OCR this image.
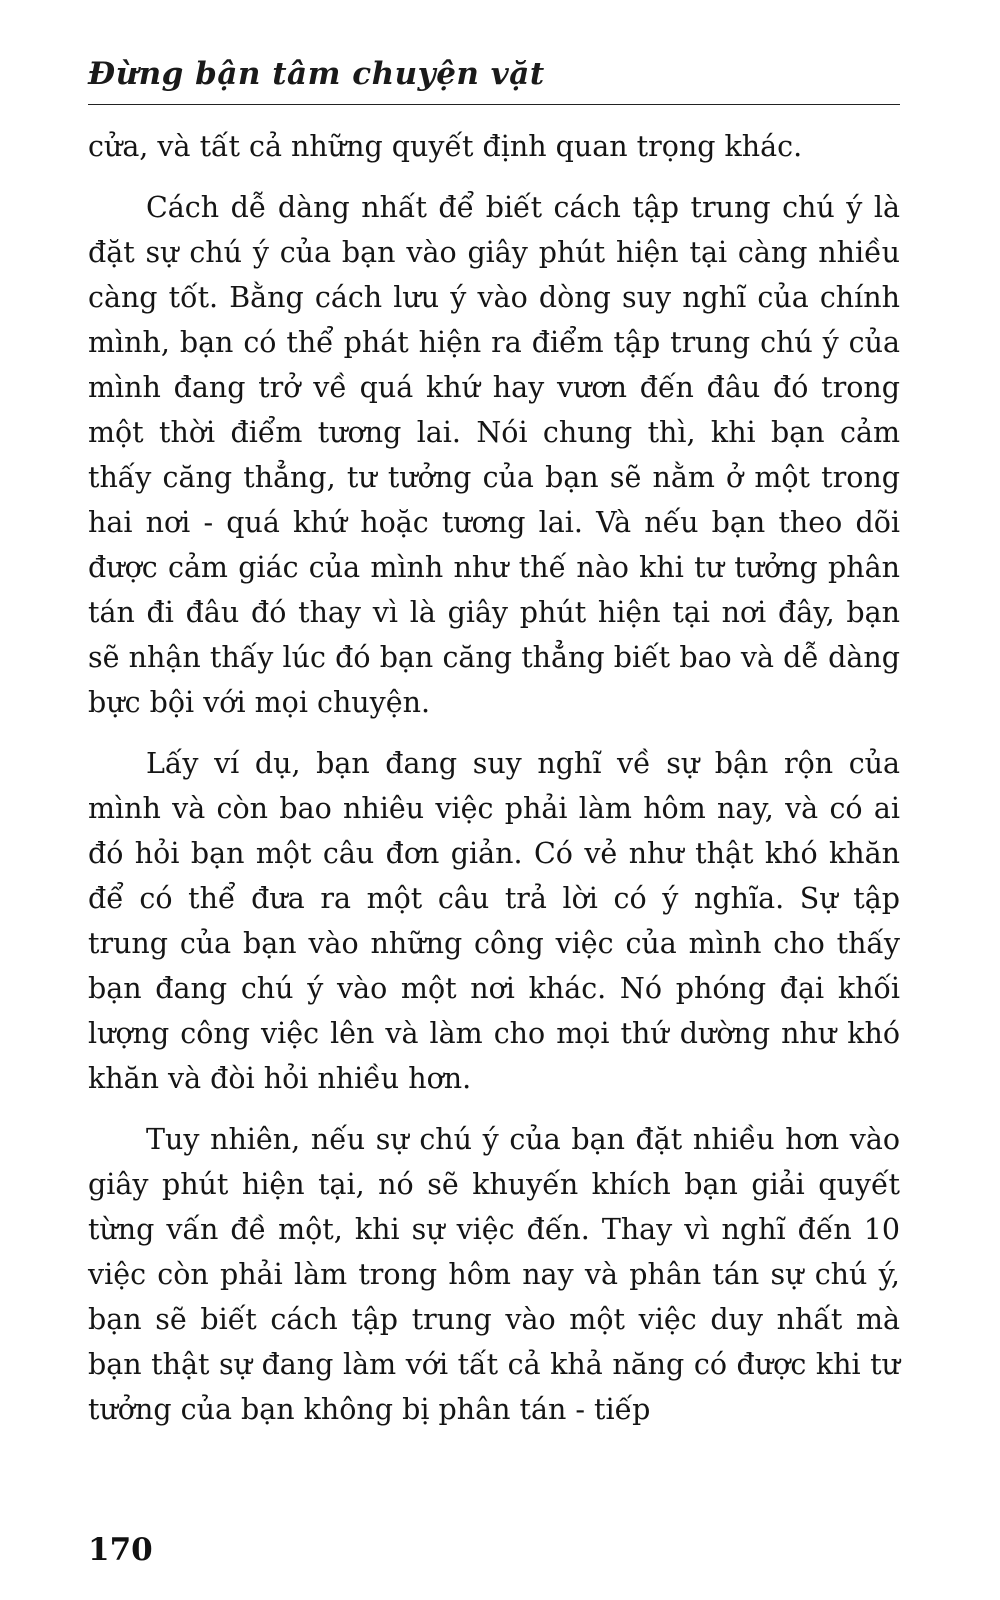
Đừng bận tâm chuyện vặt

cửa, và tất cả những quyết định quan trọng khác.

Cách dễ dàng nhất để biết cách tập trung chú ý là đặt sự chú ý của bạn vào giây phút hiện tại càng nhiều càng tốt. Bằng cách lưu ý vào dòng suy nghĩ của chính mình, bạn có thể phát hiện ra điểm tập trung chú ý của mình đang trở về quá khứ hay vươn đến đâu đó trong một thời điểm tương lai. Nói chung thì, khi bạn cảm thấy căng thẳng, tư tưởng của bạn sẽ nằm ở một trong hai nơi - quá khứ hoặc tương lai. Và nếu bạn theo dõi được cảm giác của mình như thế nào khi tư tưởng phân tán đi đâu đó thay vì là giây phút hiện tại nơi đây, bạn sẽ nhận thấy lúc đó bạn căng thẳng biết bao và dễ dàng bực bội với mọi chuyện.

Lấy ví dụ, bạn đang suy nghĩ về sự bận rộn của mình và còn bao nhiêu việc phải làm hôm nay, và có ai đó hỏi bạn một câu đơn giản. Có vẻ như thật khó khăn để có thể đưa ra một câu trả lời có ý nghĩa. Sự tập trung của bạn vào những công việc của mình cho thấy bạn đang chú ý vào một nơi khác. Nó phóng đại khối lượng công việc lên và làm cho mọi thứ dường như khó khăn và đòi hỏi nhiều hơn.

Tuy nhiên, nếu sự chú ý của bạn đặt nhiều hơn vào giây phút hiện tại, nó sẽ khuyến khích bạn giải quyết từng vấn đề một, khi sự việc đến. Thay vì nghĩ đến 10 việc còn phải làm trong hôm nay và phân tán sự chú ý, bạn sẽ biết cách tập trung vào một việc duy nhất mà bạn thật sự đang làm với tất cả khả năng có được khi tư tưởng của bạn không bị phân tán - tiếp

170
